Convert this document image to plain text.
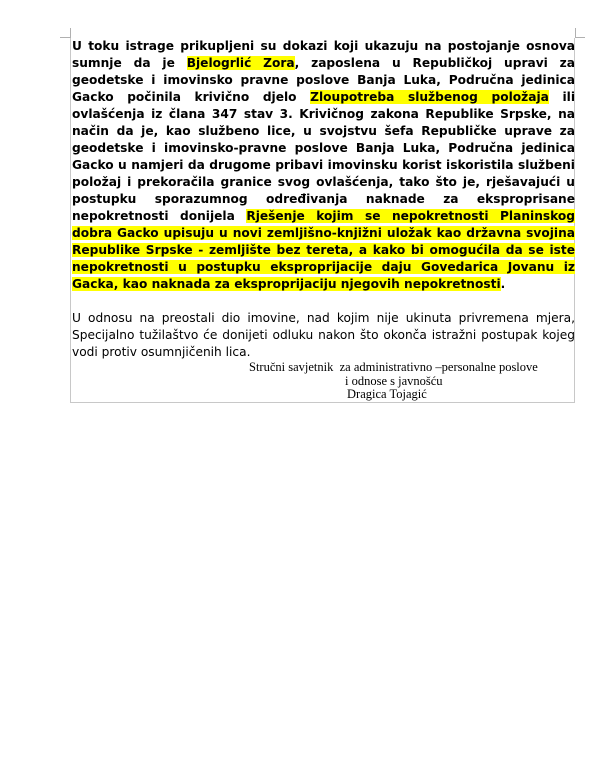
U toku istrage prikupljeni su dokazi koji ukazuju na postojanje osnova sumnje da je Bjelogrlić Zora, zaposlena u Republičkoj upravi za geodetske i imovinsko pravne poslove Banja Luka, Područna jedinica Gacko počinila krivično djelo Zloupotreba službenog položaja ili ovlašćenja iz člana 347 stav 3. Krivičnog zakona Republike Srpske, na način da je, kao službeno lice, u svojstvu šefa Republičke uprave za geodetske i imovinsko-pravne poslove Banja Luka, Područna jedinica Gacko u namjeri da drugome pribavi imovinsku korist iskoristila službeni položaj i prekoračila granice svog ovlašćenja, tako što je, rješavajući u postupku sporazumnog određivanja naknade za eksproprisane nepokretnosti donijela Rješenje kojim se nepokretnosti Planinskog dobra Gacko upisuju u novi zemljišno-knjižni uložak kao državna svojina Republike Srpske - zemljište bez tereta, a kako bi omogućila da se iste nepokretnosti u postupku eksproprijacije daju Govedarica Jovanu iz Gacka, kao naknada za eksproprijaciju njegovih nepokretnosti.

U odnosu na preostali dio imovine, nad kojim nije ukinuta privremena mjera, Specijalno tužilaštvo će donijeti odluku nakon što okonča istražni postupak kojeg vodi protiv osumnjičenih lica.

Stručni savjetnik  za administrativno –personalne poslove
i odnose s javnošću
Dragica Tojagić
